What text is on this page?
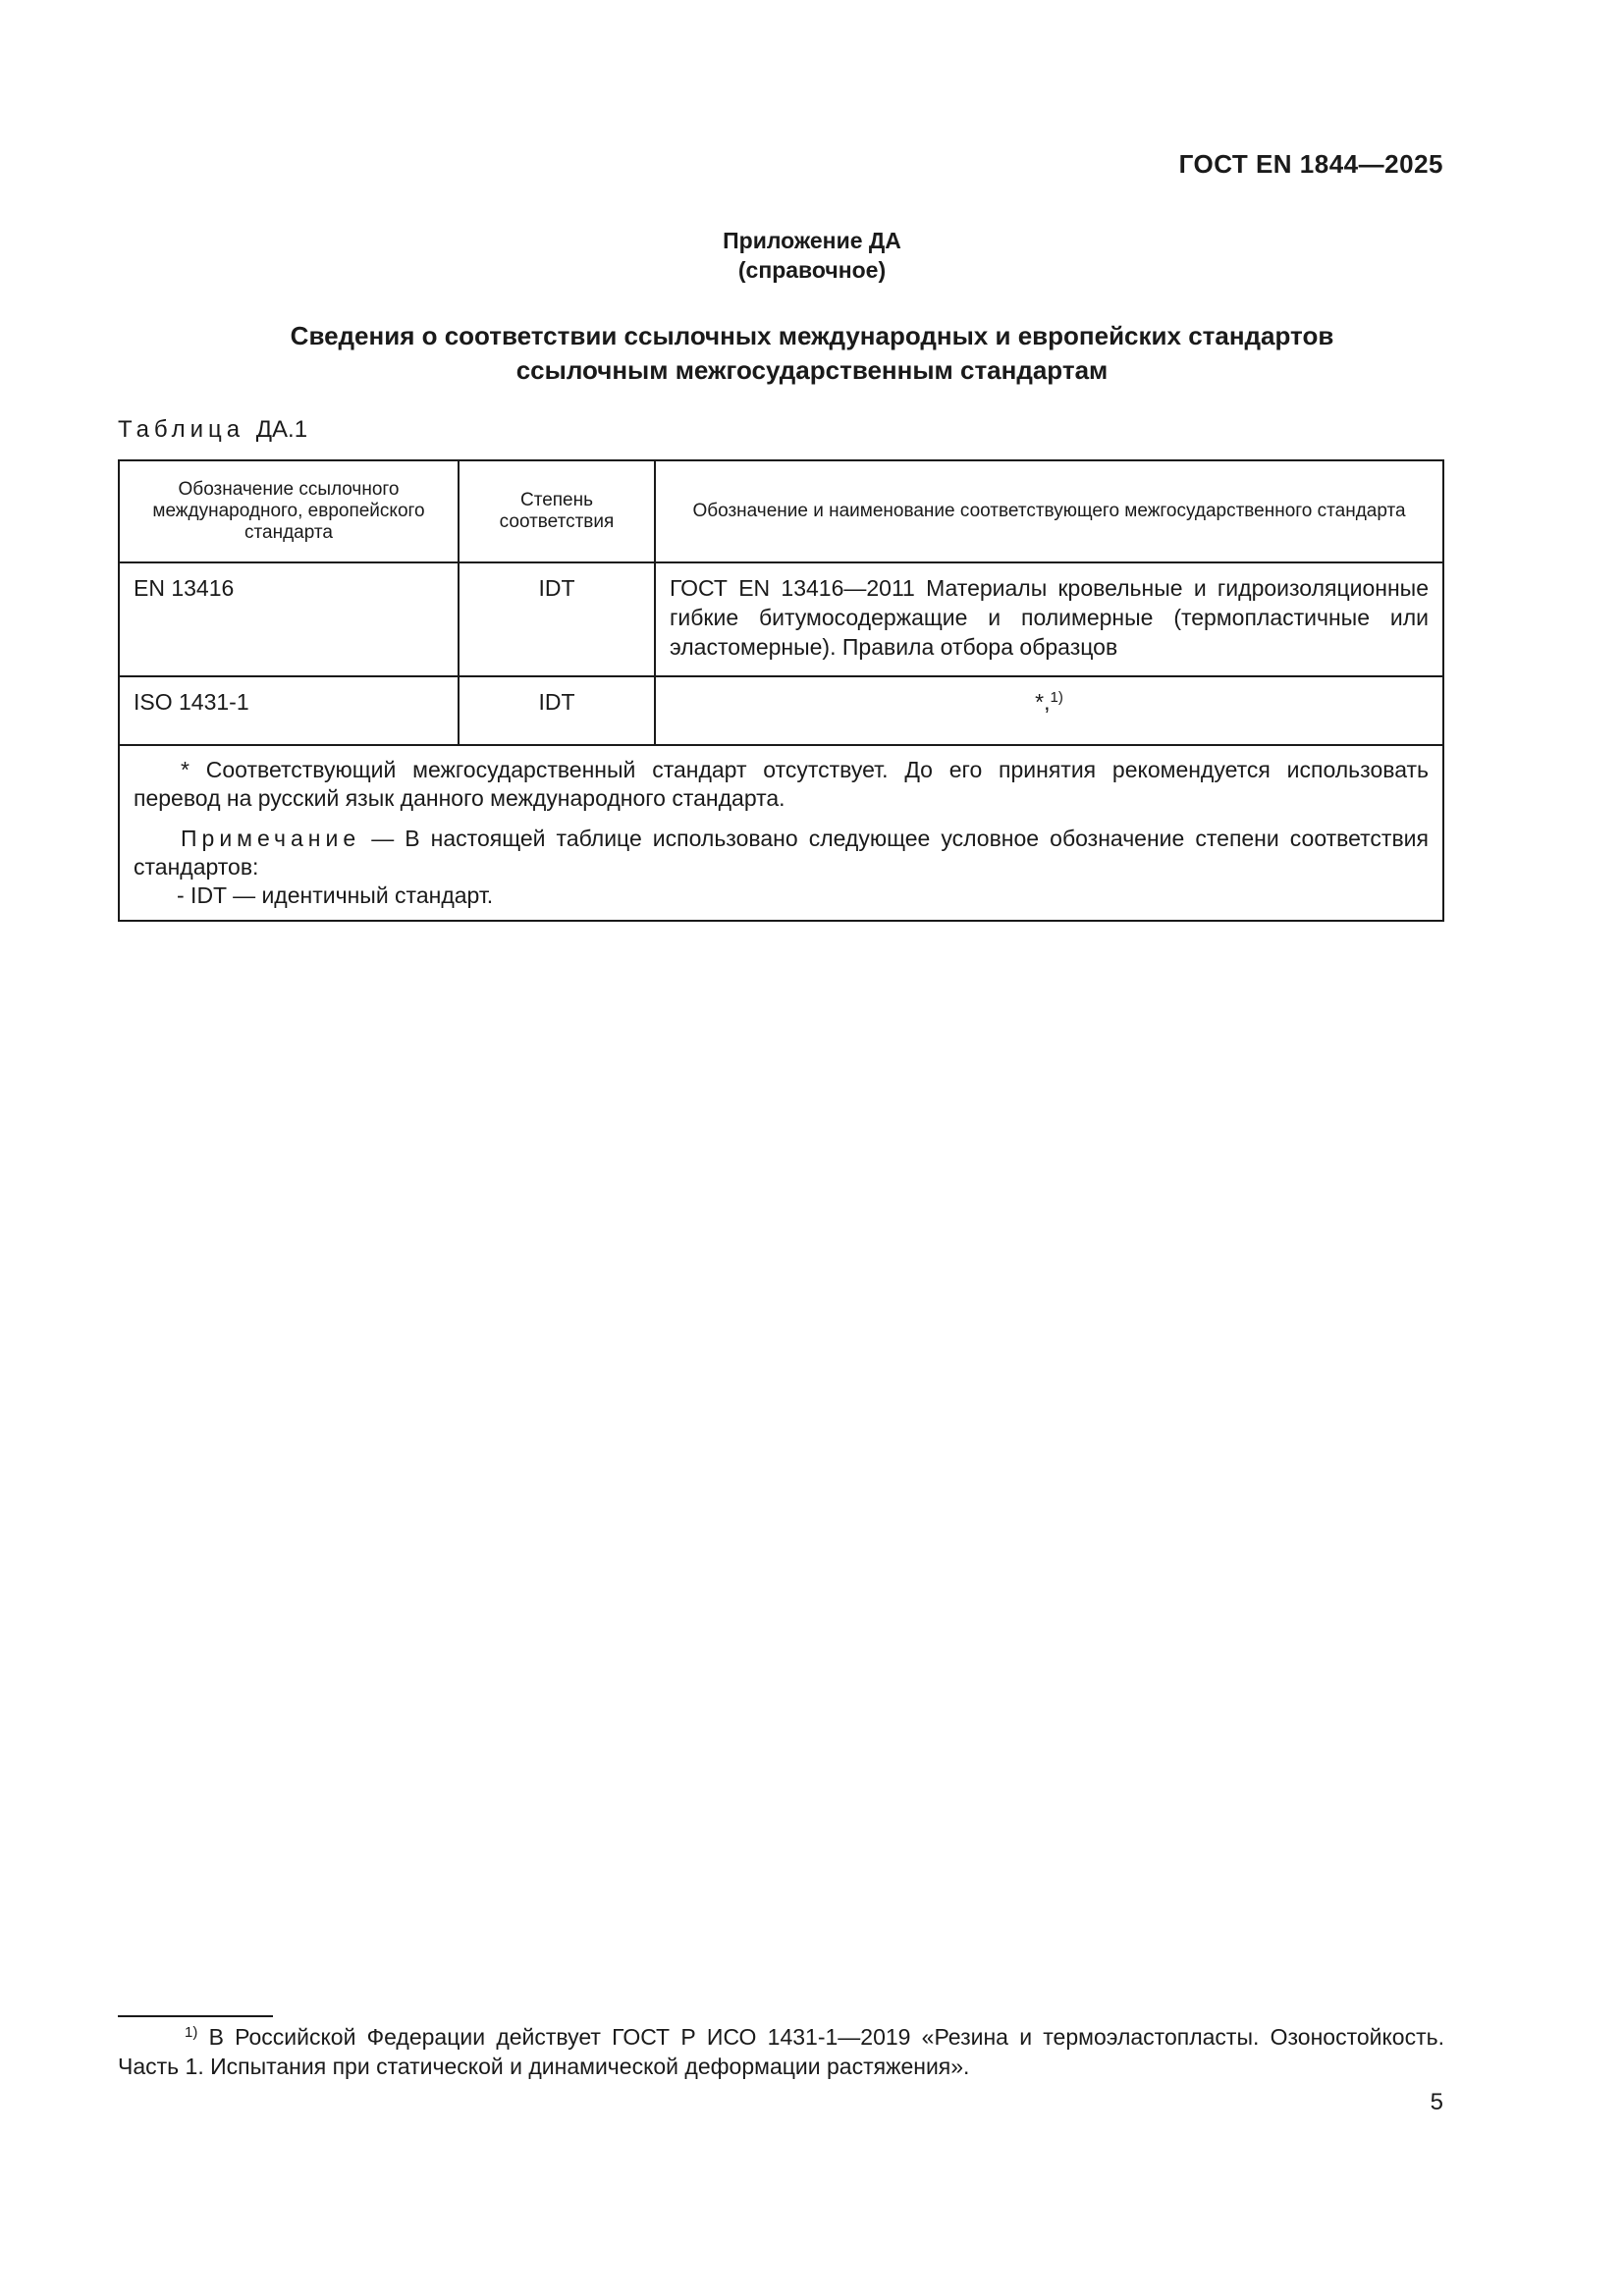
ГОСТ EN 1844—2025
Приложение ДА
(справочное)
Сведения о соответствии ссылочных международных и европейских стандартов
ссылочным межгосударственным стандартам
Таблица ДА.1
Обозначение ссылочного международного, европейского стандарта	Степень соответствия	Обозначение и наименование соответствующего межгосударственного стандарта
EN 13416	IDT	ГОСТ EN 13416—2011 Материалы кровельные и гидроизоляционные гибкие битумосодержащие и полимерные (термопластичные или эластомерные). Правила отбора образцов
ISO 1431-1	IDT	*,$^{1)}$

* Соответствующий межгосударственный стандарт отсутствует. До его принятия рекомендуется использовать перевод на русский язык данного международного стандарта.

Примечание — В настоящей таблице использовано следующее условное обозначение степени соответствия стандартов:

- IDT — идентичный стандарт.		

$^{1)}$ В Российской Федерации действует ГОСТ Р ИСО 1431-1—2019 «Резина и термоэластопласты. Озоностойкость. Часть 1. Испытания при статической и динамической деформации растяжения».
5
